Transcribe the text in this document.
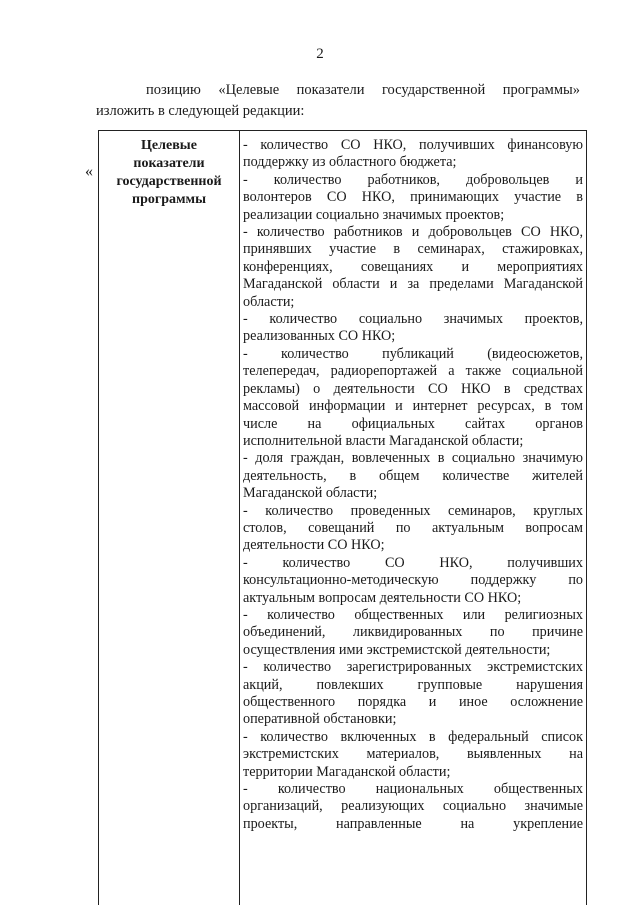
2
позицию «Целевые показатели государственной программы»
изложить в следующей редакции:
«
Целевые
показатели
государственной
программы
- количество СО НКО, получивших финансовую
поддержку из областного бюджета;
- количество работников, добровольцев и
волонтеров СО НКО, принимающих участие в
реализации социально значимых проектов;
- количество работников и добровольцев СО НКО,
принявших участие в семинарах, стажировках,
конференциях, совещаниях и мероприятиях
Магаданской области и за пределами Магаданской
области;
- количество социально значимых проектов,
реализованных СО НКО;
- количество публикаций (видеосюжетов,
телепередач, радиорепортажей а также социальной
рекламы) о деятельности СО НКО в средствах
массовой информации и интернет ресурсах, в том
числе на официальных сайтах органов
исполнительной власти Магаданской области;
- доля граждан, вовлеченных в социально значимую
деятельность, в общем количестве жителей
Магаданской области;
- количество проведенных семинаров, круглых
столов, совещаний по актуальным вопросам
деятельности СО НКО;
- количество СО НКО, получивших
консультационно-методическую поддержку по
актуальным вопросам деятельности СО НКО;
- количество общественных или религиозных
объединений, ликвидированных по причине
осуществления ими экстремистской деятельности;
- количество зарегистрированных экстремистских
акций, повлекших групповые нарушения
общественного порядка и иное осложнение
оперативной обстановки;
- количество включенных в федеральный список
экстремистских материалов, выявленных на
территории Магаданской области;
- количество национальных общественных
организаций, реализующих социально значимые
проекты, направленные на укрепление
